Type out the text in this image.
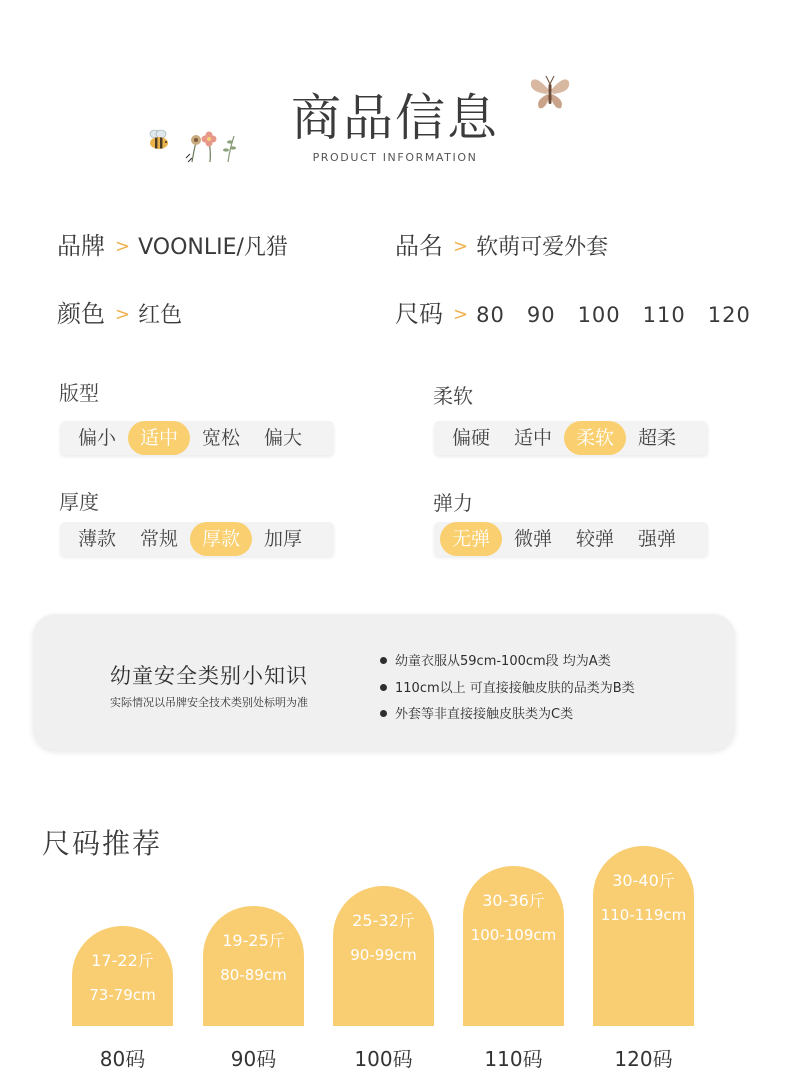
商品信息
PRODUCT INFORMATION
品牌 > VOONLIE/凡猎	品名 > 软萌可爱外套
颜色 > 红色	尺码 > 80 90 100 110 120
版型
偏小	适中	宽松	偏大
柔软
偏硬	适中	柔软	超柔
厚度
薄款	常规	厚款	加厚
弹力
无弹	微弹	较弹	强弹
幼童安全类别小知识
实际情况以吊牌安全技术类别处标明为准
幼童衣服从59cm-100cm段 均为A类
110cm以上 可直接接触皮肤的品类为B类
外套等非直接接触皮肤类为C类
尺码推荐
17-22斤
73-79cm
80码
19-25斤
80-89cm
90码
25-32斤
90-99cm
100码
30-36斤
100-109cm
110码
30-40斤
110-119cm
120码
